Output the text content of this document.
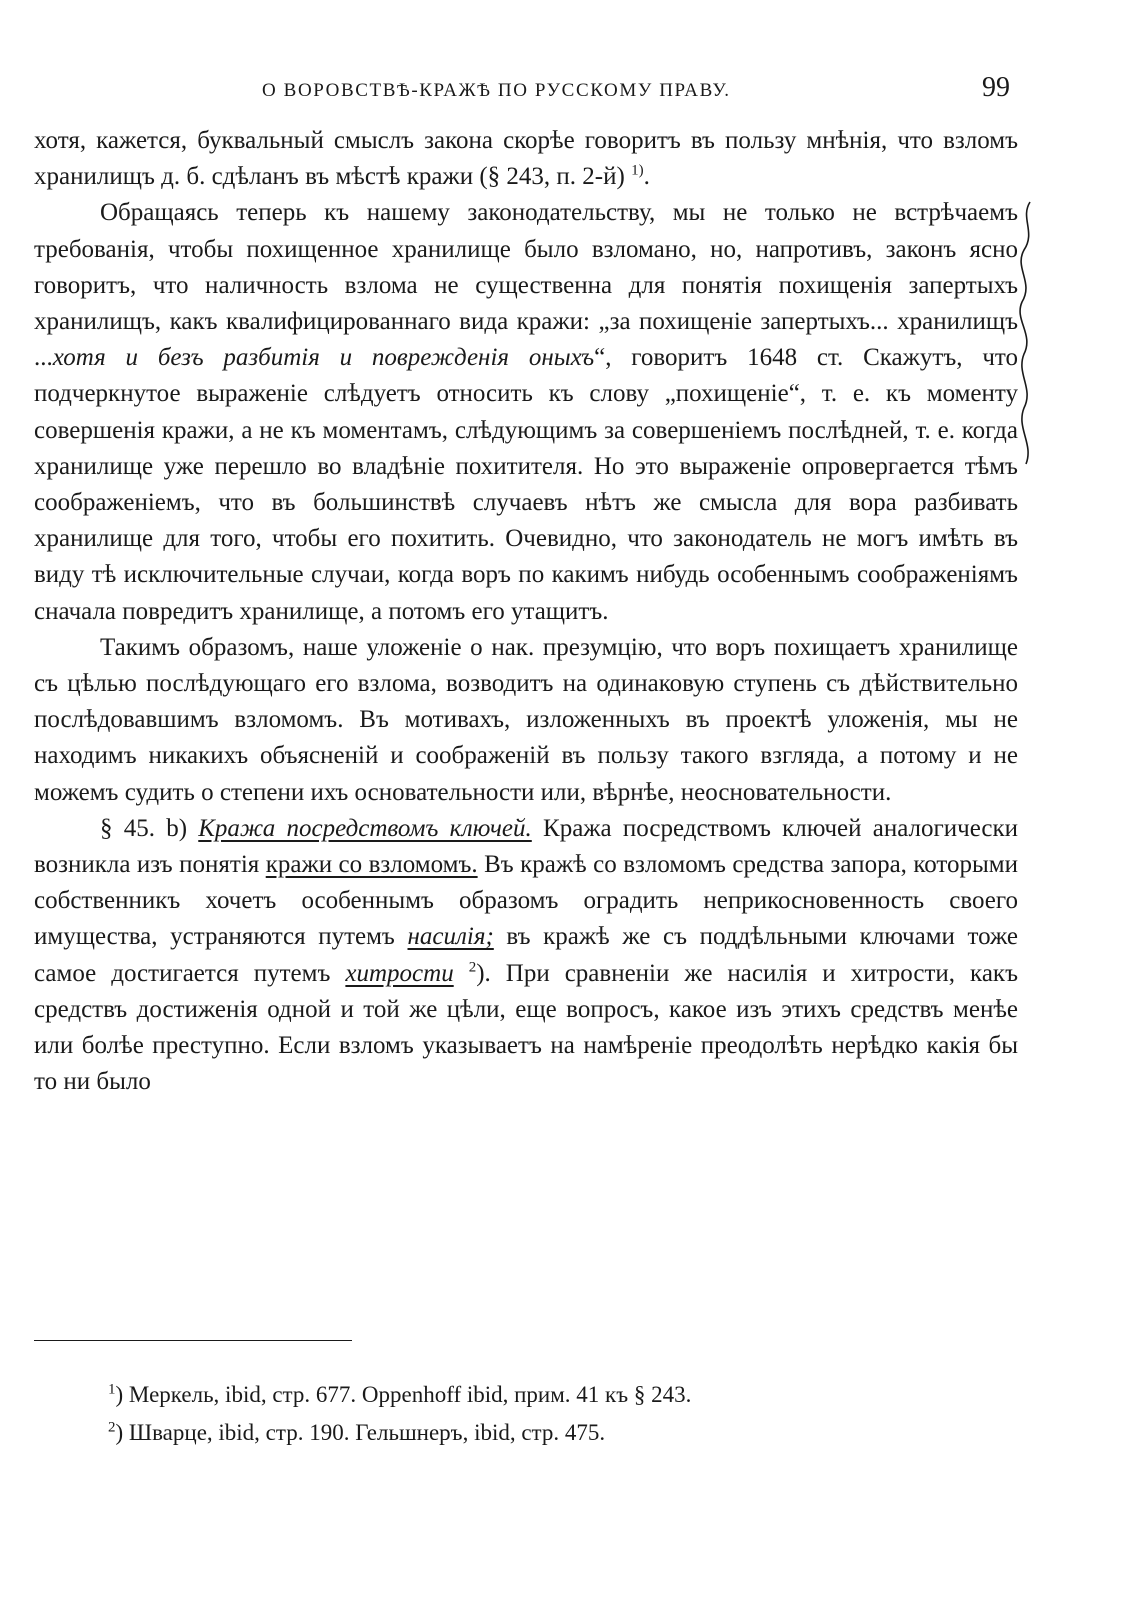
О ВОРОВСТВѢ-КРАЖѢ ПО РУССКОМУ ПРАВУ.	99

хотя, кажется, буквальный смыслъ закона скорѣе говоритъ въ пользу мнѣнія, что взломъ хранилищъ д. б. сдѣланъ въ мѣстѣ кражи (§ 243, п. 2-й) $^{1)}$.

Обращаясь теперь къ нашему законодательству, мы не только не встрѣчаемъ требованія, чтобы похищенное хранилище было взломано, но, напротивъ, законъ ясно говоритъ, что наличность взлома не существенна для понятія похищенія запертыхъ хранилищъ, какъ квалифицированнаго вида кражи: „за похищеніе запертыхъ... хранилищъ ...хотя и безъ разбитія и поврежденія оныхъ“, говоритъ 1648 ст. Скажутъ, что подчеркнутое выраженіе слѣдуетъ относить къ слову „похищеніе“, т. е. къ моменту совершенія кражи, а не къ моментамъ, слѣдующимъ за совершеніемъ послѣдней, т. е. когда хранилище уже перешло во владѣніе похитителя. Но это выраженіе опровергается тѣмъ соображеніемъ, что въ большинствѣ случаевъ нѣтъ же смысла для вора разбивать хранилище для того, чтобы его похитить. Очевидно, что законодатель не могъ имѣть въ виду тѣ исключительные случаи, когда воръ по какимъ нибудь особеннымъ соображеніямъ сначала повредитъ хранилище, а потомъ его утащитъ.

Такимъ образомъ, наше уложеніе о нак. презумцію, что воръ похищаетъ хранилище съ цѣлью послѣдующаго его взлома, возводитъ на одинаковую ступень съ дѣйствительно послѣдовавшимъ взломомъ. Въ мотивахъ, изложенныхъ въ проектѣ уложенія, мы не находимъ никакихъ объясненій и соображеній въ пользу такого взгляда, а потому и не можемъ судить о степени ихъ основательности или, вѣрнѣе, неосновательности.

§ 45. b) Кража посредствомъ ключей. Кража посредствомъ ключей аналогически возникла изъ понятія кражи со взломомъ. Въ кражѣ со взломомъ средства запора, которыми собственникъ хочетъ особеннымъ образомъ оградить неприкосновенность своего имущества, устраняются путемъ насилія; въ кражѣ же съ поддѣльными ключами тоже самое достигается путемъ хитрости $^2$). При сравненіи же насилія и хитрости, какъ средствъ достиженія одной и той же цѣли, еще вопросъ, какое изъ этихъ средствъ менѣе или болѣе преступно. Если взломъ указываетъ на намѣреніе преодолѣть нерѣдко какія бы то ни было

$^1$) Меркель, ibid, стр. 677. Oppenhoff ibid, прим. 41 къ § 243.

$^2$) Шварце, ibid, стр. 190. Гельшнеръ, ibid, стр. 475.
